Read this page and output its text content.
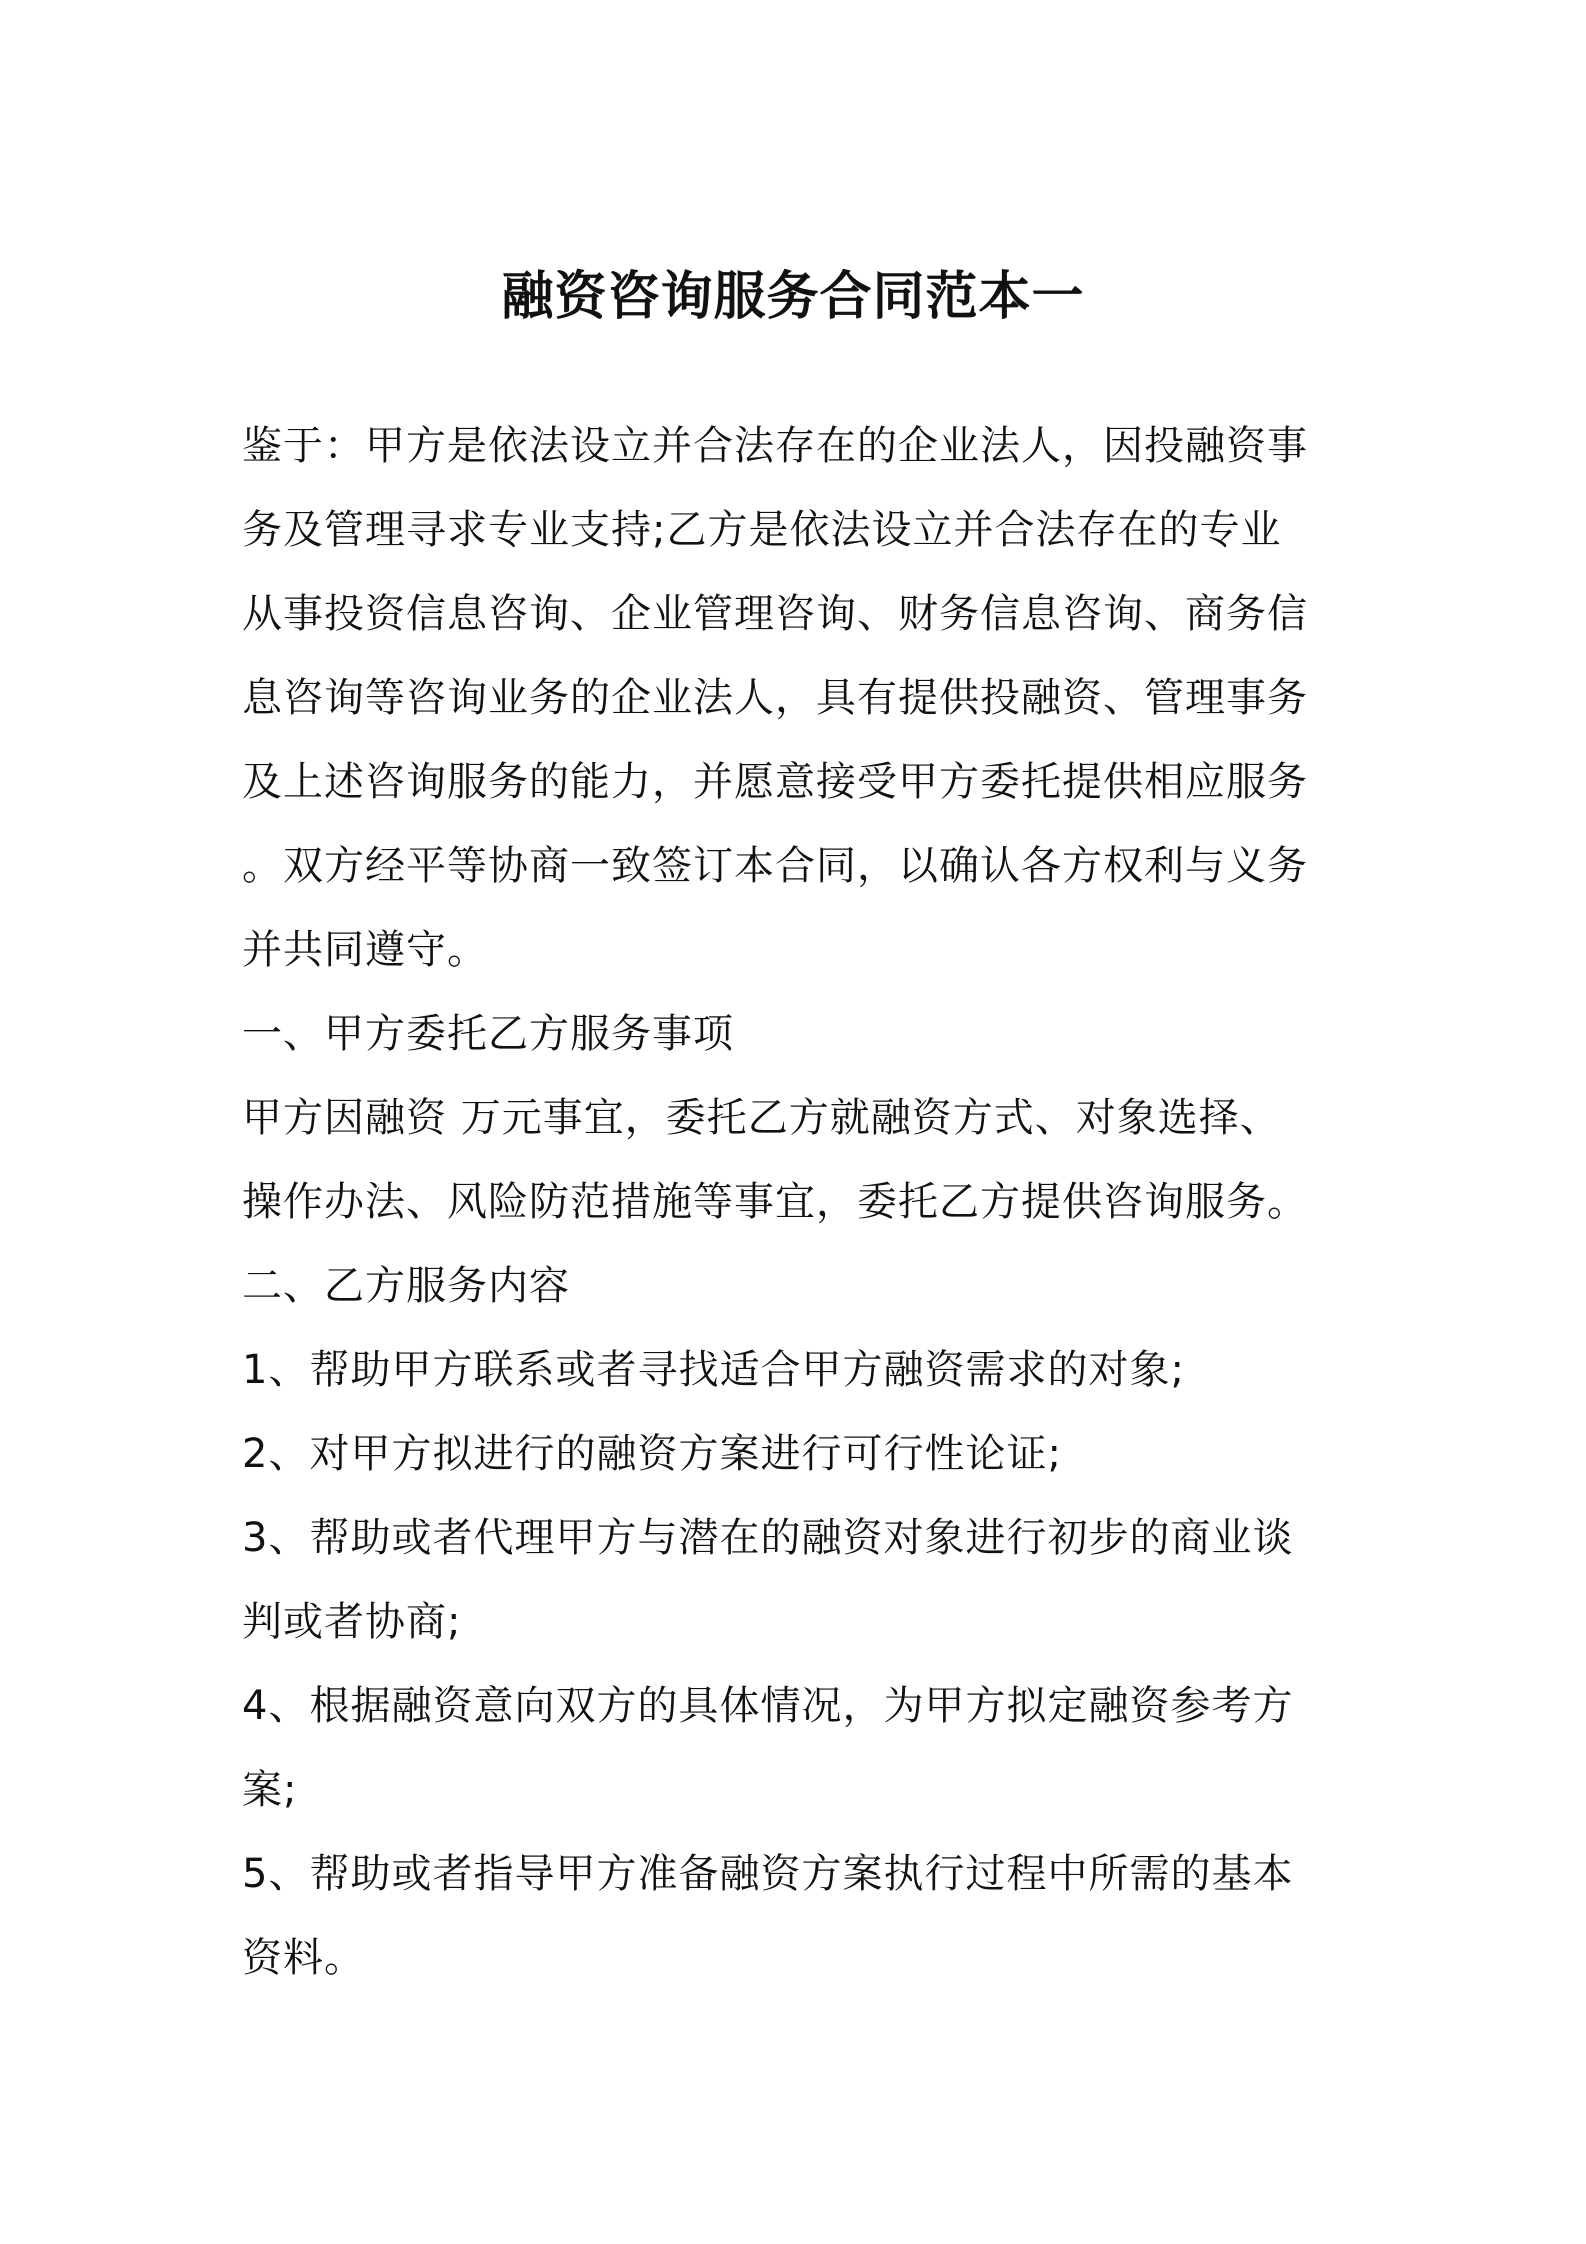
融资咨询服务合同范本一
鉴于：甲方是依法设立并合法存在的企业法人，因投融资事
务及管理寻求专业支持;乙方是依法设立并合法存在的专业
从事投资信息咨询、企业管理咨询、财务信息咨询、商务信
息咨询等咨询业务的企业法人，具有提供投融资、管理事务
及上述咨询服务的能力，并愿意接受甲方委托提供相应服务
。双方经平等协商一致签订本合同，以确认各方权利与义务
并共同遵守。
一、甲方委托乙方服务事项
甲方因融资 万元事宜，委托乙方就融资方式、对象选择、
操作办法、风险防范措施等事宜，委托乙方提供咨询服务。
二、乙方服务内容
1、帮助甲方联系或者寻找适合甲方融资需求的对象;
2、对甲方拟进行的融资方案进行可行性论证;
3、帮助或者代理甲方与潜在的融资对象进行初步的商业谈
判或者协商;
4、根据融资意向双方的具体情况，为甲方拟定融资参考方
案;
5、帮助或者指导甲方准备融资方案执行过程中所需的基本
资料。
